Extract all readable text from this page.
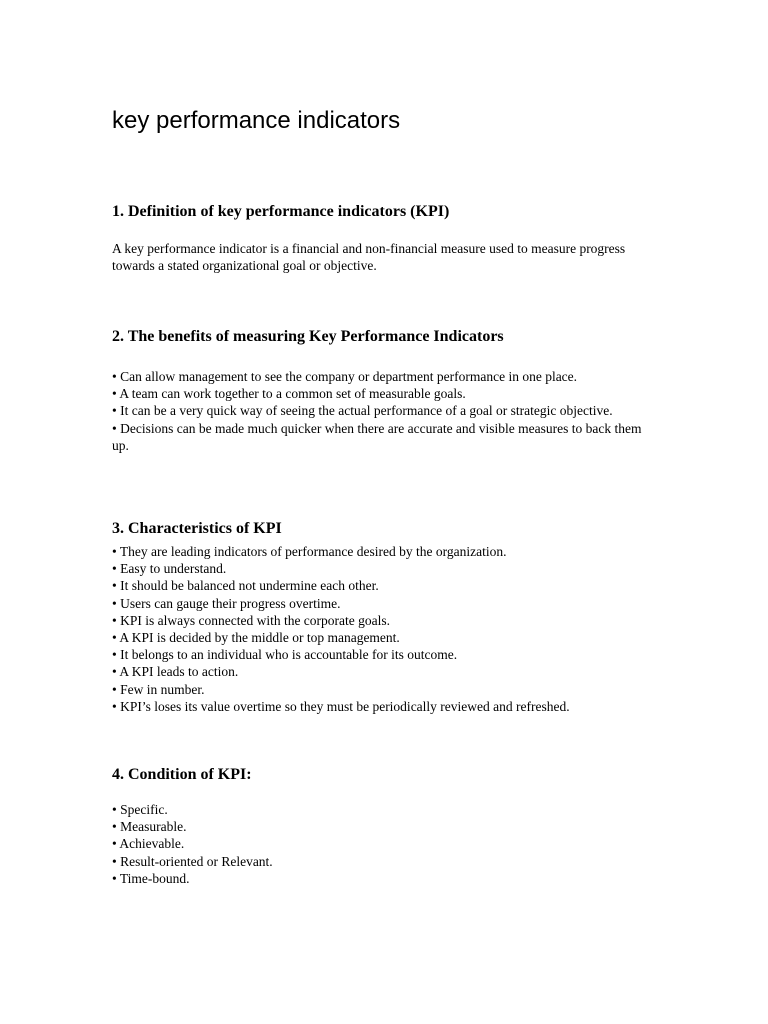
key performance indicators
1. Definition of key performance indicators (KPI)

A key performance indicator is a financial and non-financial measure used to measure progress towards a stated organizational goal or objective.

2. The benefits of measuring Key Performance Indicators
• Can allow management to see the company or department performance in one place.
• A team can work together to a common set of measurable goals.
• It can be a very quick way of seeing the actual performance of a goal or strategic objective.
• Decisions can be made much quicker when there are accurate and visible measures to back them up.
3. Characteristics of KPI
• They are leading indicators of performance desired by the organization.
• Easy to understand.
• It should be balanced not undermine each other.
• Users can gauge their progress overtime.
• KPI is always connected with the corporate goals.
• A KPI is decided by the middle or top management.
• It belongs to an individual who is accountable for its outcome.
• A KPI leads to action.
• Few in number.
• KPI’s loses its value overtime so they must be periodically reviewed and refreshed.
4. Condition of KPI:
• Specific.
• Measurable.
• Achievable.
• Result-oriented or Relevant.
• Time-bound.
